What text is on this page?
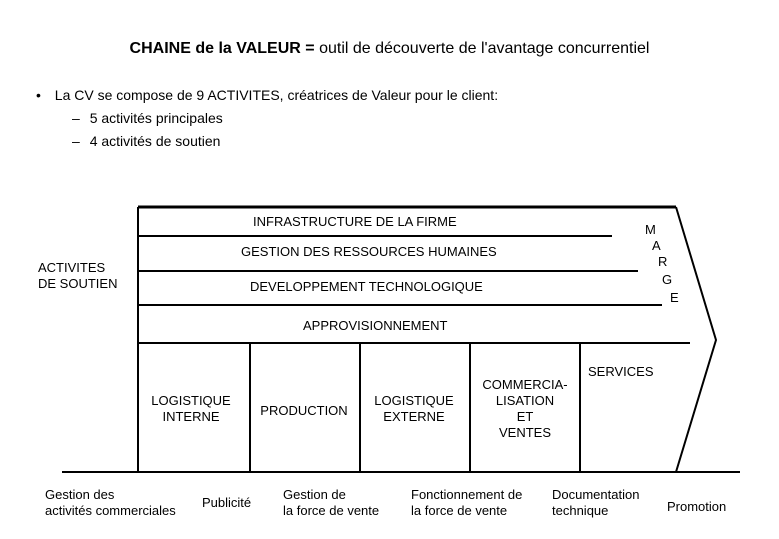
CHAINE de la VALEUR = outil de découverte de l'avantage concurrentiel
• La CV se compose de 9 ACTIVITES, créatrices de Valeur pour le client:
– 5 activités principales
– 4 activités de soutien
ACTIVITES
DE SOUTIEN
INFRASTRUCTURE DE LA FIRME
GESTION DES RESSOURCES HUMAINES
DEVELOPPEMENT TECHNOLOGIQUE
APPROVISIONNEMENT
M
A
R
G
E
LOGISTIQUE
INTERNE	PRODUCTION
LOGISTIQUE
EXTERNE
COMMERCIA-
LISATION
ET
VENTES
SERVICES
Gestion des
activités commerciales
Publicité
Gestion de
la force de vente
Fonctionnement de
la force de vente
Documentation
technique	Promotion
